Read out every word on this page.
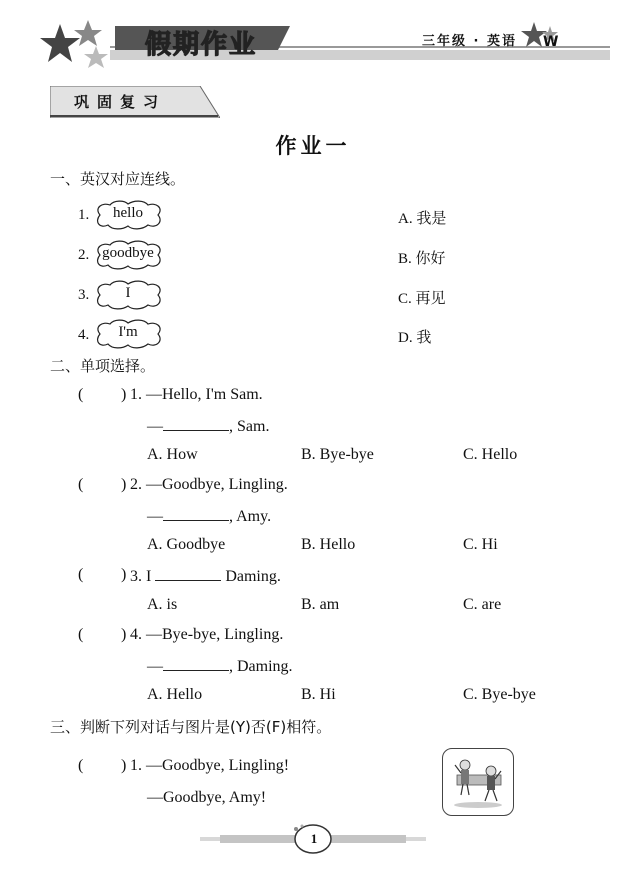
假期作业	三年级 · 英语 W
巩固复习
作业一
一、英汉对应连线。
1.	hello
2. goodbye
3.	I
4.	I'm
A. 我是
B. 你好
C. 再见
D. 我
二、单项选择。
( ) 1. —Hello, I'm Sam.
—	, Sam.
A. How	B. Bye-bye	C. Hello
( ) 2. —Goodbye, Lingling.
—	, Amy.
A. Goodbye	B. Hello	C. Hi
( ) 3. I	Daming.
A. is	B. am	C. are
( ) 4. —Bye-bye, Lingling.
—	, Daming.
A. Hello	B. Hi	C. Bye-bye
三、判断下列对话与图片是(Y)否(F)相符。
( ) 1. —Goodbye, Lingling!
—Goodbye, Amy!
1
